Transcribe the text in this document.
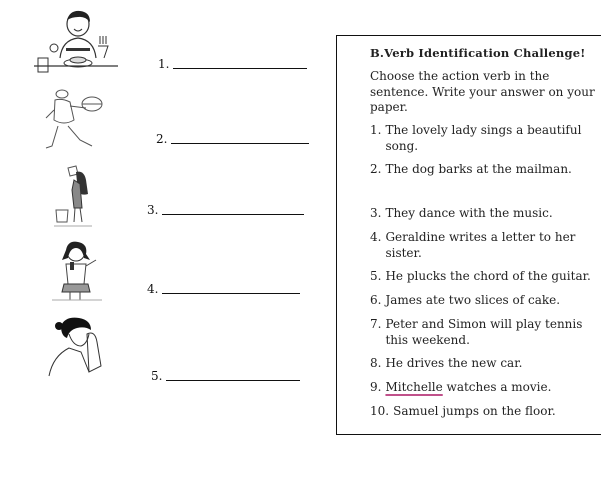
1.
2.
3.
4.
5.
B.Verb Identification Challenge!
Choose the action verb in the sentence. Write your answer on your paper.
1. The lovely lady sings a beautiful song.
2. The dog barks at the mailman.
3. They dance with the music.
4. Geraldine writes a letter to her sister.
5. He plucks the chord of the guitar.
6. James ate two slices of cake.
7. Peter and Simon will play tennis this weekend.
8. He drives the new car.
9. Mitchelle watches a movie.
10. Samuel jumps on the floor.
